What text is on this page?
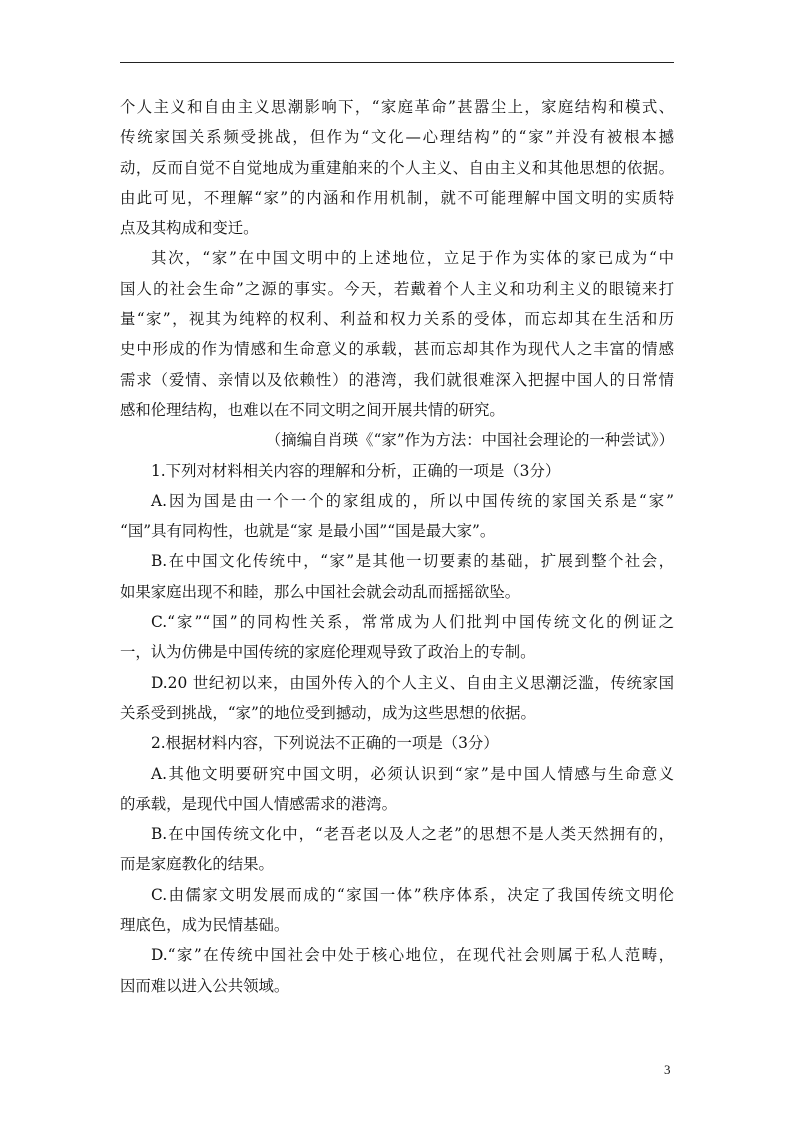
个人主义和自由主义思潮影响下，“家庭革命”甚嚣尘上，家庭结构和模式、

传统家国关系频受挑战，但作为“文化—心理结构”的“家”并没有被根本撼

动，反而自觉不自觉地成为重建舶来的个人主义、自由主义和其他思想的依据。

由此可见，不理解“家”的内涵和作用机制，就不可能理解中国文明的实质特

点及其构成和变迁。

其次，“家”在中国文明中的上述地位，立足于作为实体的家已成为“中

国人的社会生命”之源的事实。今天，若戴着个人主义和功利主义的眼镜来打

量“家”，视其为纯粹的权利、利益和权力关系的受体，而忘却其在生活和历

史中形成的作为情感和生命意义的承载，甚而忘却其作为现代人之丰富的情感

需求（爱情、亲情以及依赖性）的港湾，我们就很难深入把握中国人的日常情

感和伦理结构，也难以在不同文明之间开展共情的研究。

（摘编自肖瑛《“家”作为方法：中国社会理论的一种尝试》）

1.下列对材料相关内容的理解和分析，正确的一项是（3分）

A.因为国是由一个一个的家组成的，所以中国传统的家国关系是“家”

“国”具有同构性，也就是“家 是最小国”“国是最大家”。

B.在中国文化传统中，“家”是其他一切要素的基础，扩展到整个社会，

如果家庭出现不和睦，那么中国社会就会动乱而摇摇欲坠。

C.“家”“国”的同构性关系，常常成为人们批判中国传统文化的例证之

一，认为仿佛是中国传统的家庭伦理观导致了政治上的专制。

D.20 世纪初以来，由国外传入的个人主义、自由主义思潮泛滥，传统家国

关系受到挑战，“家”的地位受到撼动，成为这些思想的依据。

2.根据材料内容，下列说法不正确的一项是（3分）

A.其他文明要研究中国文明，必须认识到“家”是中国人情感与生命意义

的承载，是现代中国人情感需求的港湾。

B.在中国传统文化中，“老吾老以及人之老”的思想不是人类天然拥有的，

而是家庭教化的结果。

C.由儒家文明发展而成的“家国一体”秩序体系，决定了我国传统文明伦

理底色，成为民情基础。

D.“家”在传统中国社会中处于核心地位，在现代社会则属于私人范畴，

因而难以进入公共领域。

3
